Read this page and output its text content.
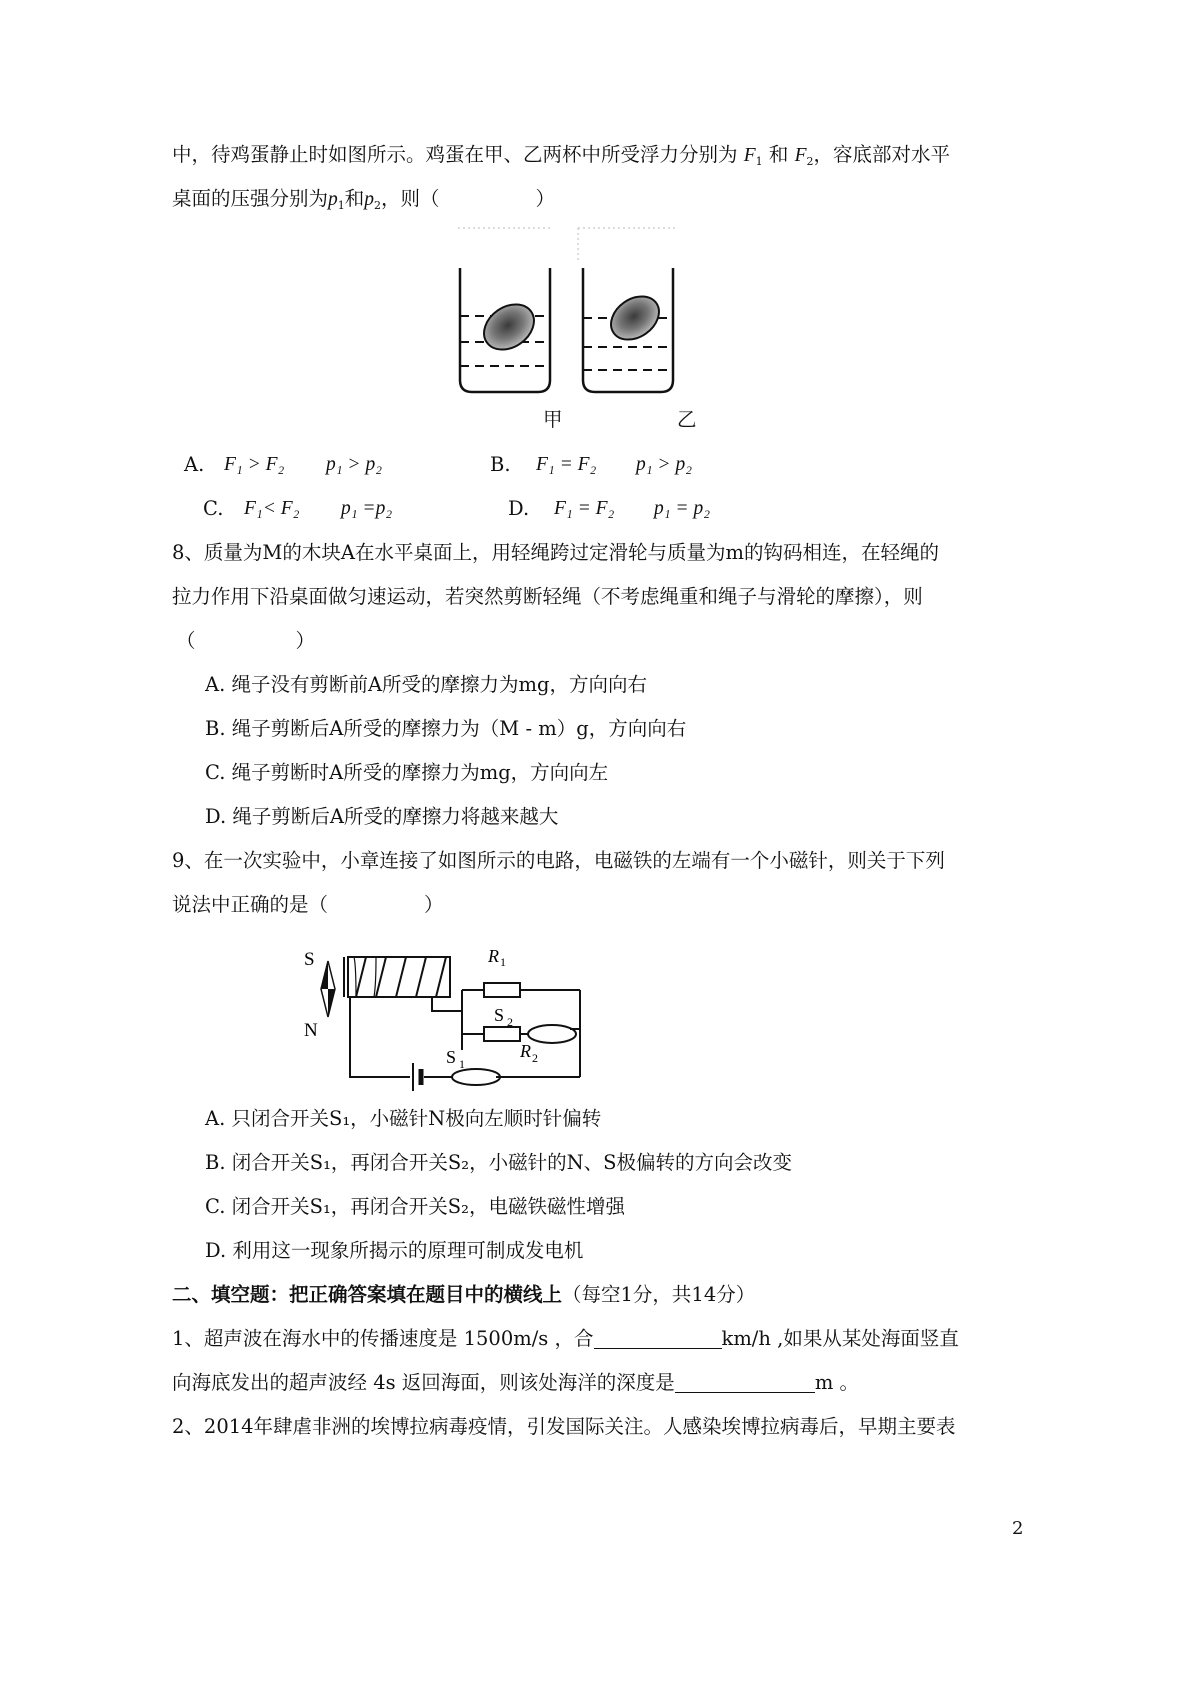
中，待鸡蛋静止时如图所示。鸡蛋在甲、乙两杯中所受浮力分别为 $F_1$ 和 $F_2$，容底部对水平
桌面的压强分别为$p_1$和$p_2$，则（	）
甲	乙
A. F₁ > F₂ p₁ > p₂	B. F₁ = F₂ p₁ > p₂
C. F₁< F₂ p₁ =p₂	D. F₁ = F₂ p₁ = p₂
8、质量为M的木块A在水平桌面上，用轻绳跨过定滑轮与质量为m的钩码相连，在轻绳的
拉力作用下沿桌面做匀速运动，若突然剪断轻绳（不考虑绳重和绳子与滑轮的摩擦），则
（	）
A. 绳子没有剪断前A所受的摩擦力为mg，方向向右
B. 绳子剪断后A所受的摩擦力为（M - m）g，方向向右
C. 绳子剪断时A所受的摩擦力为mg，方向向左
D. 绳子剪断后A所受的摩擦力将越来越大
9、在一次实验中，小章连接了如图所示的电路，电磁铁的左端有一个小磁针，则关于下列
说法中正确的是（	）
S
N
S 1
R 1
S 2
R 2
A. 只闭合开关S₁，小磁针N极向左顺时针偏转
B. 闭合开关S₁，再闭合开关S₂，小磁针的N、S极偏转的方向会改变
C. 闭合开关S₁，再闭合开关S₂，电磁铁磁性增强
D. 利用这一现象所揭示的原理可制成发电机
二、填空题：把正确答案填在题目中的横线上（每空1分，共14分）
1、超声波在海水中的传播速度是 1500m/s ，合	km/h ,如果从某处海面竖直
向海底发出的超声波经 4s 返回海面，则该处海洋的深度是	m 。
2、2014年肆虐非洲的埃博拉病毒疫情，引发国际关注。人感染埃博拉病毒后，早期主要表
2
